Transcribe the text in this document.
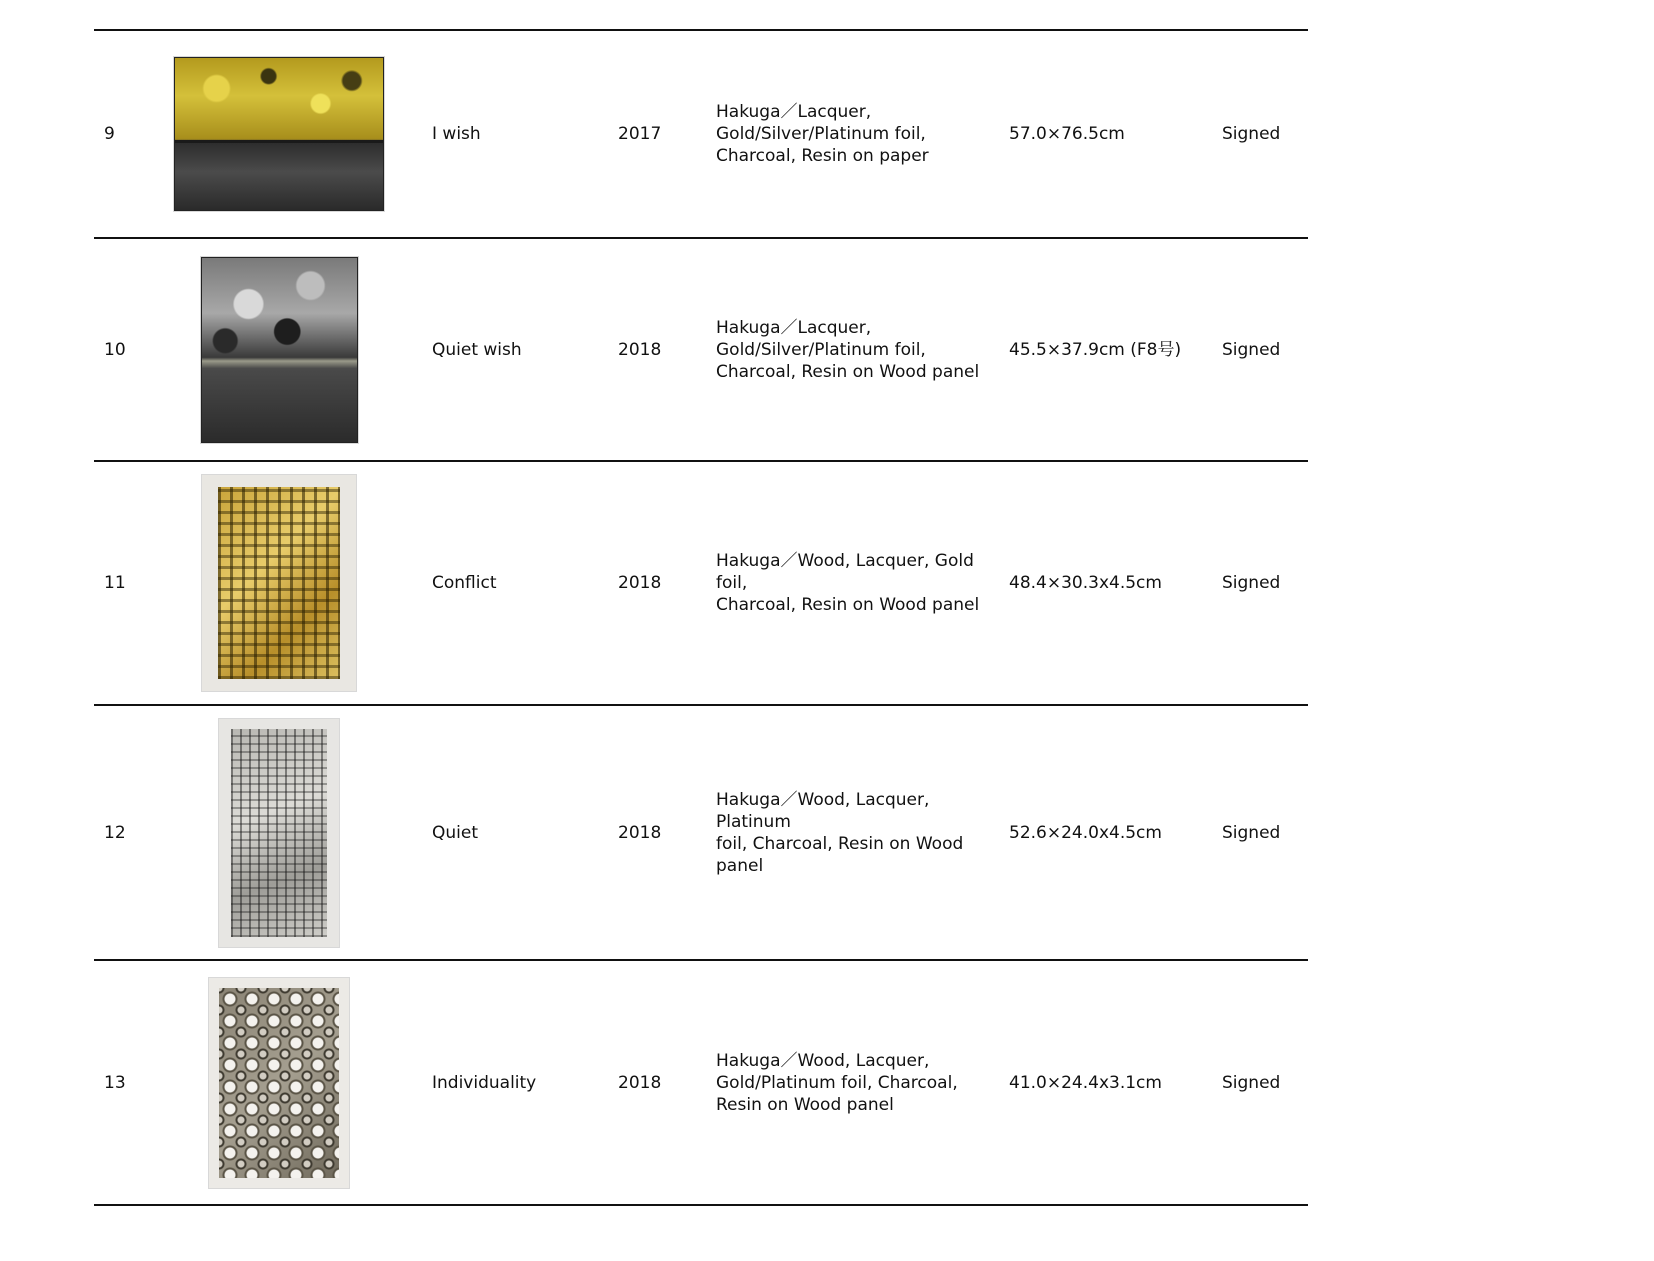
9	I wish	2017
Hakuga／Lacquer,
Gold/Silver/Platinum foil,
Charcoal, Resin on paper
57.0×76.5cm	Signed
10	Quiet wish	2018
Hakuga／Lacquer,
Gold/Silver/Platinum foil,
Charcoal, Resin on Wood panel
45.5×37.9cm (F8号)	Signed
11	Conflict	2018
Hakuga／Wood, Lacquer, Gold foil,
Charcoal, Resin on Wood panel
48.4×30.3x4.5cm	Signed
12	Quiet	2018
Hakuga／Wood, Lacquer, Platinum
foil, Charcoal, Resin on Wood
panel
52.6×24.0x4.5cm	Signed
13	Individuality	2018
Hakuga／Wood, Lacquer,
Gold/Platinum foil, Charcoal,
Resin on Wood panel
41.0×24.4x3.1cm	Signed
